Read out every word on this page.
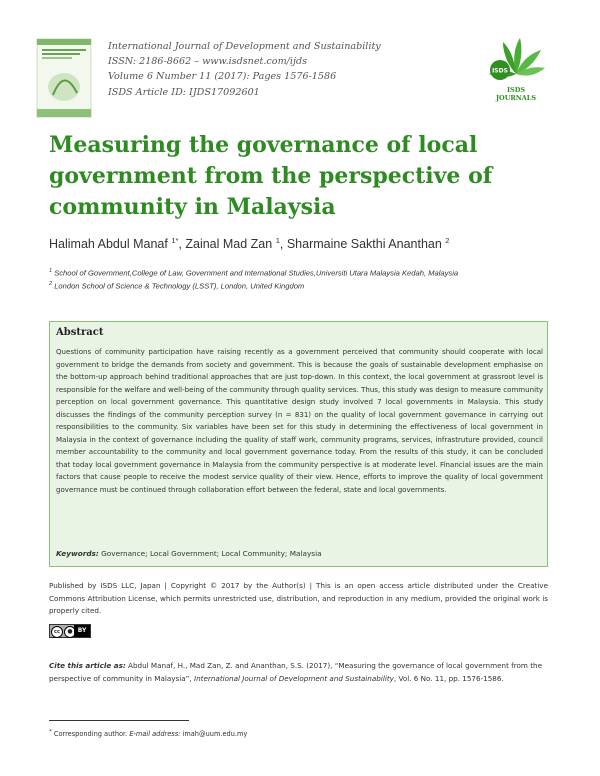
International Journal of Development and Sustainability
ISSN: 2186-8662 – www.isdsnet.com/ijds
Volume 6 Number 11 (2017): Pages 1576-1586
ISDS Article ID: IJDS17092601
ISDS
ISDS
JOURNALS
Measuring the governance of local
government from the perspective of
community in Malaysia
Halimah Abdul Manaf $^{1*}$, Zainal Mad Zan $^1$, Sharmaine Sakthi Ananthan $^2$
$^1$ School of Government,College of Law, Government and International Studies,Universiti Utara Malaysia Kedah, Malaysia
$^2$ London School of Science & Technology (LSST), London, United Kingdom
Abstract
Questions of community participation have raising recently as a government perceived that community should cooperate with local government to bridge the demands from society and government. This is because the goals of sustainable development emphasise on the bottom-up approach behind traditional approaches that are just top-down. In this context, the local government at grassroot level is responsible for the welfare and well-being of the community through quality services. Thus, this study was design to measure community perception on local government governance. This quantitative design study involved 7 local governments in Malaysia. This study discusses the findings of the community perception survey (n = 831) on the quality of local government governance in carrying out responsibilities to the community. Six variables have been set for this study in determining the effectiveness of local government in Malaysia in the context of governance including the quality of staff work, community programs, services, infrastruture provided, council member accountability to the community and local government governance today. From the results of this study, it can be concluded that today local government governance in Malaysia from the community perspective is at moderate level. Financial issues are the main factors that cause people to receive the modest service quality of their view. Hence, efforts to improve the quality of local government governance must be continued through collaboration effort between the federal, state and local governments.
Keywords: Governance; Local Government; Local Community; Malaysia
Published by ISDS LLC, Japan | Copyright © 2017 by the Author(s) | This is an open access article distributed under the Creative Commons Attribution License, which permits unrestricted use, distribution, and reproduction in any medium, provided the original work is properly cited.
cc	● BY
Cite this article as: Abdul Manaf, H., Mad Zan, Z. and Ananthan, S.S. (2017), “Measuring the governance of local government from the perspective of community in Malaysia”, International Journal of Development and Sustainability, Vol. 6 No. 11, pp. 1576-1586.
* Corresponding author. E-mail address: imah@uum.edu.my
